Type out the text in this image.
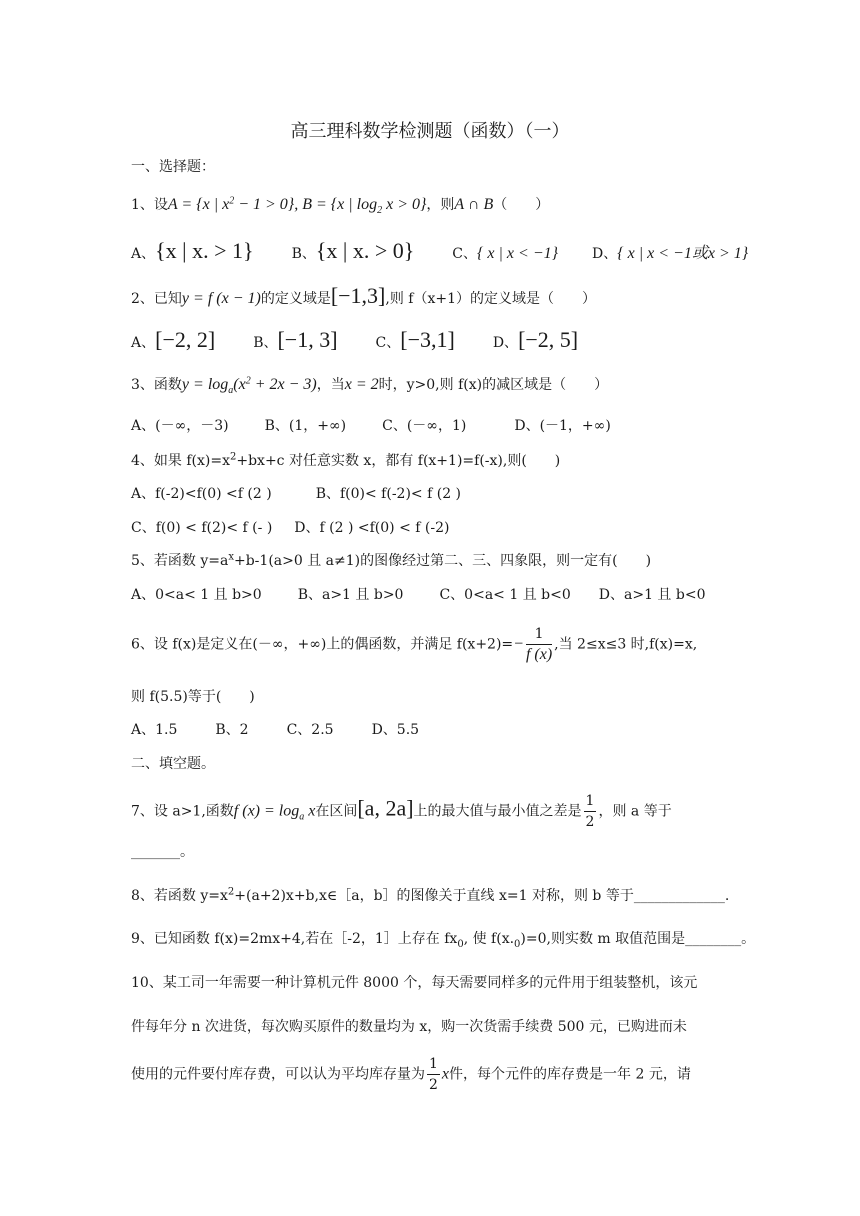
高三理科数学检测题（函数）（一）
一、选择题：
1、设A = {x | $x^2 - 1 > 0$}, B = {x | $\log_2 x > 0$}，则A ∩ B（　　）
A、{x | x. > 1}	B、{x | x. > 0}	C、{ x | x < −1} D、{ x | x < −1或x > 1}
2、已知y = f (x − 1)的定义域是[−1,3],则 f（x+1）的定义域是（　　）
A、[−2, 2]	B、[−1, 3]	C、[−3,1]	D、[−2, 5]
3、函数$y = \log_a(x^2 + 2x - 3)$，当x = 2时，y>0,则 f(x)的减区域是（　　）
A、(－∞，－3)	B、(1，+∞)	C、(－∞，1)	D、(－1，+∞)
4、如果 $f(x)=x^2+bx+c$ 对任意实数 x，都有 f(x+1)=f(-x),则(　　)
A、f(-2)<f(0) <f (2 )	B、f(0)< f(-2)< f (2 )
C、f(0) < f(2)< f (- ) D、f (2 ) <f(0) < f (-2)
5、若函数 $y=a^x+b-1(a>0$ 且 a≠1)的图像经过第二、三、四象限，则一定有(　　)
A、0<a< 1 且 b>0	B、a>1 且 b>0	C、0<a< 1 且 b<0 D、a>1 且 b<0
6、设 f(x)是定义在(－∞，+∞)上的偶函数，并满足 $f(x+2)=- \frac{1}{f (x)}$ ,当 2≤x≤3 时,f(x)=x,
则 f(5.5)等于(　　)
A、1.5	B、2	C、2.5	D、5.5
二、填空题。
7、设 a>1,函数f $(x) = \log_a x$在区间[a, 2a]上的最大值与最小值之差是 $\frac{1}{2}$ ，则 a 等于
_______。
8、若函数 $y=x^2+(a+2)x+b,x\in[a$，b］的图像关于直线 x=1 对称，则 b 等于_____________.
9、已知函数 f(x)=2mx+4,若在［-2，1］上存在 $fx_0$, 使 $f(x._0)=0$,则实数 m 取值范围是________。
10、某工司一年需要一种计算机元件 8000 个，每天需要同样多的元件用于组装整机，该元
件每年分 n 次进货，每次购买原件的数量均为 x，购一次货需手续费 500 元，已购进而未
使用的元件要付库存费，可以认为平均库存量为 $\frac{1}{2}$ x件，每个元件的库存费是一年 2 元，请
